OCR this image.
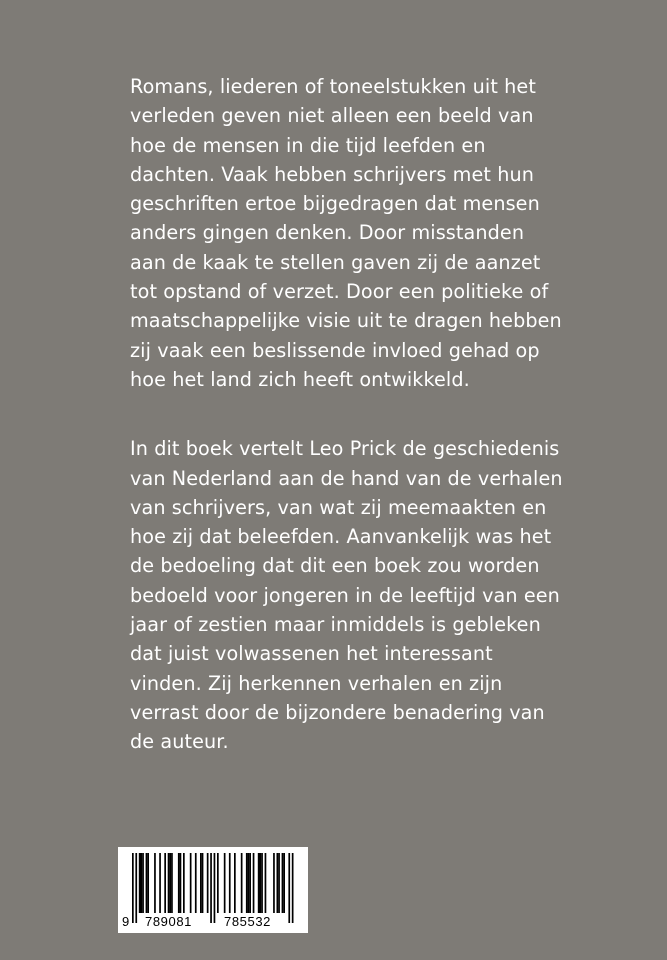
Romans, liederen of toneelstukken uit het
verleden geven niet alleen een beeld van
hoe de mensen in die tijd leefden en
dachten. Vaak hebben schrijvers met hun
geschriften ertoe bijgedragen dat mensen
anders gingen denken. Door misstanden
aan de kaak te stellen gaven zij de aanzet
tot opstand of verzet. Door een politieke of
maatschappelijke visie uit te dragen hebben
zij vaak een beslissende invloed gehad op
hoe het land zich heeft ontwikkeld.

In dit boek vertelt Leo Prick de geschiedenis
van Nederland aan de hand van de verhalen
van schrijvers, van wat zij meemaakten en
hoe zij dat beleefden. Aanvankelijk was het
de bedoeling dat dit een boek zou worden
bedoeld voor jongeren in de leeftijd van een
jaar of zestien maar inmiddels is gebleken
dat juist volwassenen het interessant
vinden. Zij herkennen verhalen en zijn
verrast door de bijzondere benadering van
de auteur.

9 789081 785532
